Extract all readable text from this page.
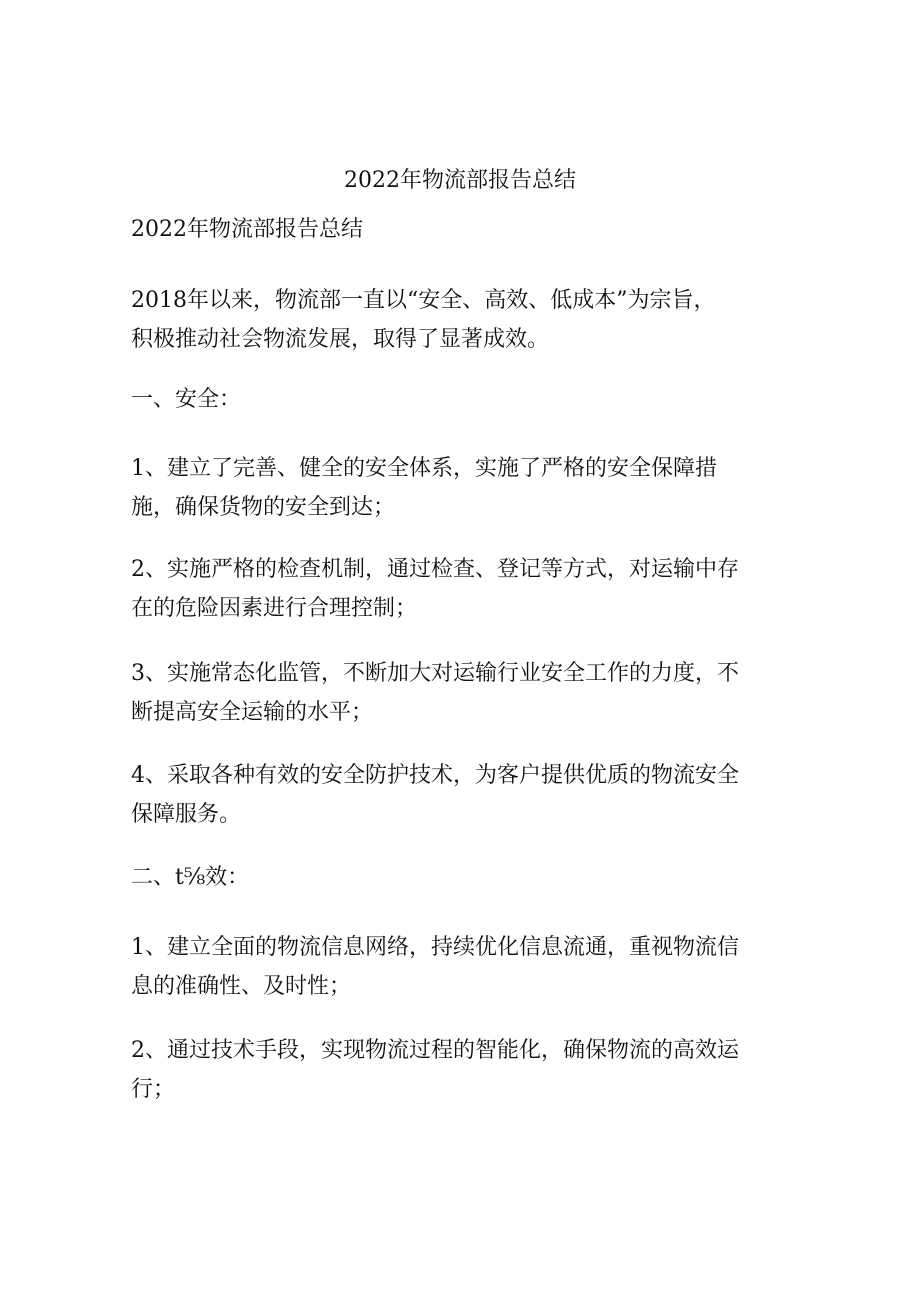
2022年物流部报告总结

2022年物流部报告总结

2018年以来，物流部一直以“安全、高效、低成本”为宗旨，
积极推动社会物流发展，取得了显著成效。

一、安全：

1、建立了完善、健全的安全体系，实施了严格的安全保障措
施，确保货物的安全到达；

2、实施严格的检查机制，通过检查、登记等方式，对运输中存
在的危险因素进行合理控制；

3、实施常态化监管，不断加大对运输行业安全工作的力度，不
断提高安全运输的水平；

4、采取各种有效的安全防护技术，为客户提供优质的物流安全
保障服务。

二、t⅝效：

1、建立全面的物流信息网络，持续优化信息流通，重视物流信
息的准确性、及时性；

2、通过技术手段，实现物流过程的智能化，确保物流的高效运
行；
